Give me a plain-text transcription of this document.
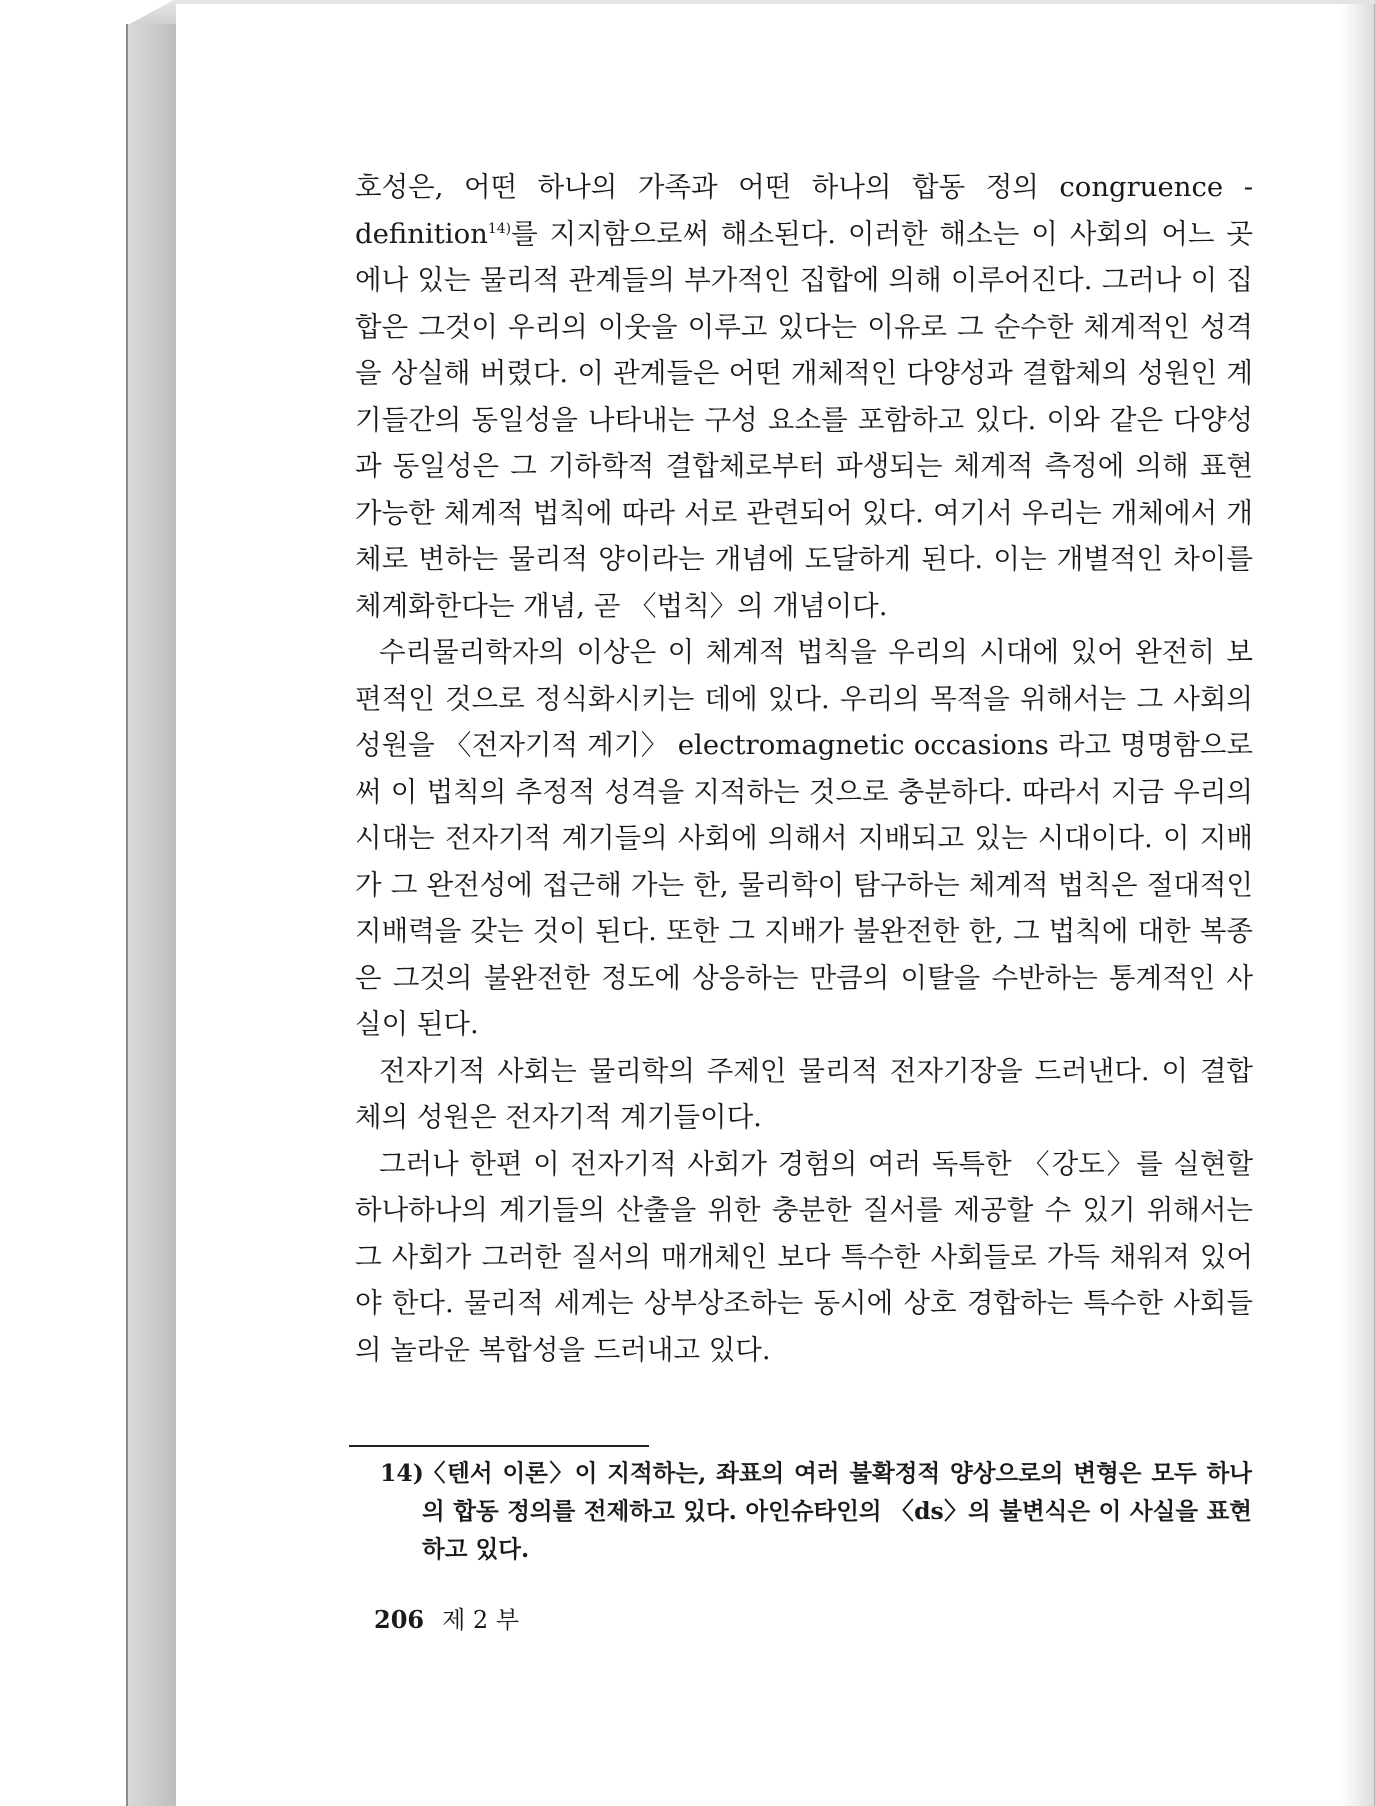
호성은, 어떤 하나의 가족과 어떤 하나의 합동 정의 congruence -definition$^{14)}$를 지지함으로써 해소된다. 이러한 해소는 이 사회의 어느 곳에나 있는 물리적 관계들의 부가적인 집합에 의해 이루어진다. 그러나 이 집합은 그것이 우리의 이웃을 이루고 있다는 이유로 그 순수한 체계적인 성격을 상실해 버렸다. 이 관계들은 어떤 개체적인 다양성과 결합체의 성원인 계기들간의 동일성을 나타내는 구성 요소를 포함하고 있다. 이와 같은 다양성과 동일성은 그 기하학적 결합체로부터 파생되는 체계적 측정에 의해 표현 가능한 체계적 법칙에 따라 서로 관련되어 있다. 여기서 우리는 개체에서 개체로 변하는 물리적 양이라는 개념에 도달하게 된다. 이는 개별적인 차이를 체계화한다는 개념, 곧 〈법칙〉의 개념이다.

수리물리학자의 이상은 이 체계적 법칙을 우리의 시대에 있어 완전히 보편적인 것으로 정식화시키는 데에 있다. 우리의 목적을 위해서는 그 사회의 성원을 〈전자기적 계기〉 electromagnetic occasions 라고 명명함으로써 이 법칙의 추정적 성격을 지적하는 것으로 충분하다. 따라서 지금 우리의 시대는 전자기적 계기들의 사회에 의해서 지배되고 있는 시대이다. 이 지배가 그 완전성에 접근해 가는 한, 물리학이 탐구하는 체계적 법칙은 절대적인 지배력을 갖는 것이 된다. 또한 그 지배가 불완전한 한, 그 법칙에 대한 복종은 그것의 불완전한 정도에 상응하는 만큼의 이탈을 수반하는 통계적인 사실이 된다.

전자기적 사회는 물리학의 주제인 물리적 전자기장을 드러낸다. 이 결합체의 성원은 전자기적 계기들이다.

그러나 한편 이 전자기적 사회가 경험의 여러 독특한 〈강도〉를 실현할 하나하나의 계기들의 산출을 위한 충분한 질서를 제공할 수 있기 위해서는 그 사회가 그러한 질서의 매개체인 보다 특수한 사회들로 가득 채워져 있어야 한다. 물리적 세계는 상부상조하는 동시에 상호 경합하는 특수한 사회들의 놀라운 복합성을 드러내고 있다.

14)
〈텐서 이론〉이 지적하는, 좌표의 여러 불확정적 양상으로의 변형은 모두 하나의 합동 정의를 전제하고 있다. 아인슈타인의 〈ds〉의 불변식은 이 사실을 표현하고 있다.
206 제 2 부
